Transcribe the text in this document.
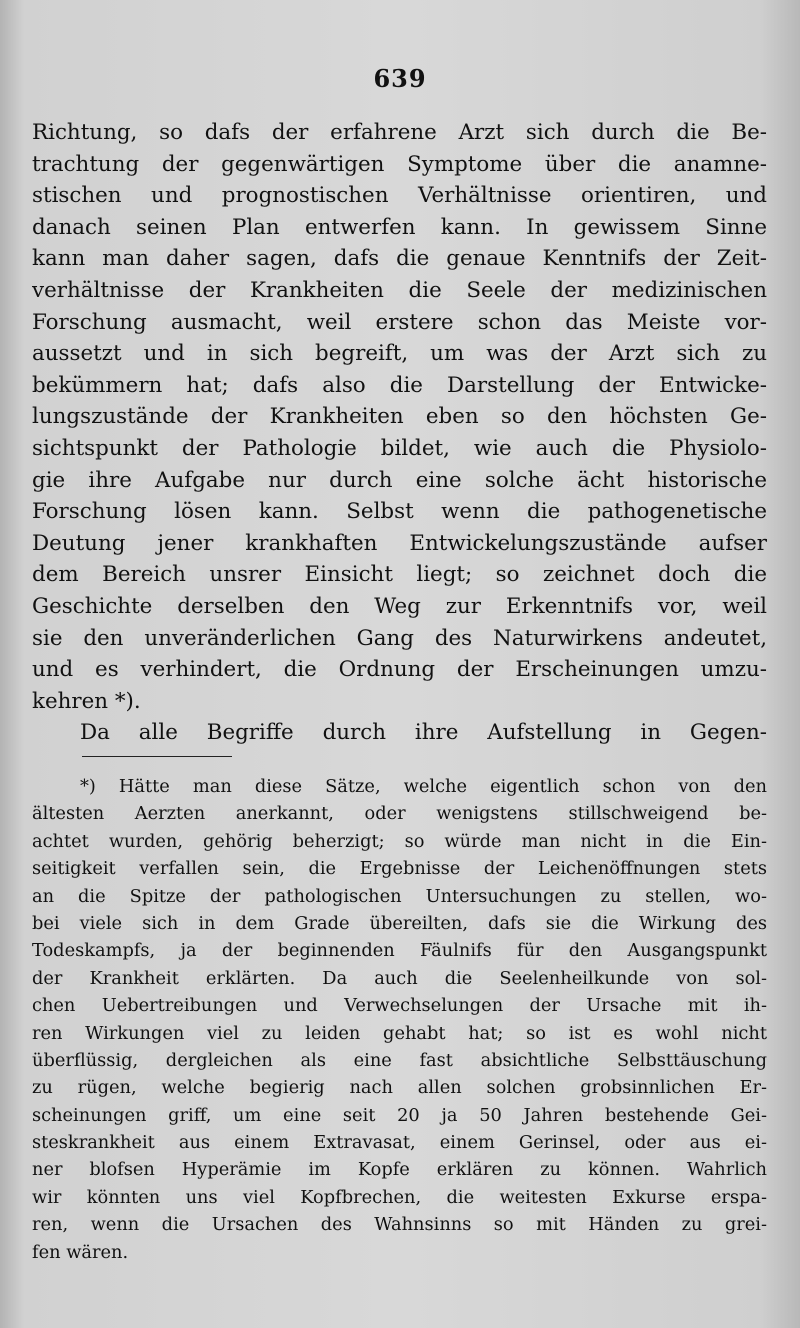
639
Richtung, so dafs der erfahrene Arzt sich durch die Be-
trachtung der gegenwärtigen Symptome über die anamne-
stischen und prognostischen Verhältnisse orientiren, und
danach seinen Plan entwerfen kann. In gewissem Sinne
kann man daher sagen, dafs die genaue Kenntnifs der Zeit-
verhältnisse der Krankheiten die Seele der medizinischen
Forschung ausmacht, weil erstere schon das Meiste vor-
aussetzt und in sich begreift, um was der Arzt sich zu
bekümmern hat; dafs also die Darstellung der Entwicke-
lungszustände der Krankheiten eben so den höchsten Ge-
sichtspunkt der Pathologie bildet, wie auch die Physiolo-
gie ihre Aufgabe nur durch eine solche ächt historische
Forschung lösen kann. Selbst wenn die pathogenetische
Deutung jener krankhaften Entwickelungszustände aufser
dem Bereich unsrer Einsicht liegt; so zeichnet doch die
Geschichte derselben den Weg zur Erkenntnifs vor, weil
sie den unveränderlichen Gang des Naturwirkens andeutet,
und es verhindert, die Ordnung der Erscheinungen umzu-
kehren *).
Da alle Begriffe durch ihre Aufstellung in Gegen-
*) Hätte man diese Sätze, welche eigentlich schon von den
ältesten Aerzten anerkannt, oder wenigstens stillschweigend be-
achtet wurden, gehörig beherzigt; so würde man nicht in die Ein-
seitigkeit verfallen sein, die Ergebnisse der Leichenöffnungen stets
an die Spitze der pathologischen Untersuchungen zu stellen, wo-
bei viele sich in dem Grade übereilten, dafs sie die Wirkung des
Todeskampfs, ja der beginnenden Fäulnifs für den Ausgangspunkt
der Krankheit erklärten. Da auch die Seelenheilkunde von sol-
chen Uebertreibungen und Verwechselungen der Ursache mit ih-
ren Wirkungen viel zu leiden gehabt hat; so ist es wohl nicht
überflüssig, dergleichen als eine fast absichtliche Selbsttäuschung
zu rügen, welche begierig nach allen solchen grobsinnlichen Er-
scheinungen griff, um eine seit 20 ja 50 Jahren bestehende Gei-
steskrankheit aus einem Extravasat, einem Gerinsel, oder aus ei-
ner blofsen Hyperämie im Kopfe erklären zu können. Wahrlich
wir könnten uns viel Kopfbrechen, die weitesten Exkurse erspa-
ren, wenn die Ursachen des Wahnsinns so mit Händen zu grei-
fen wären.
